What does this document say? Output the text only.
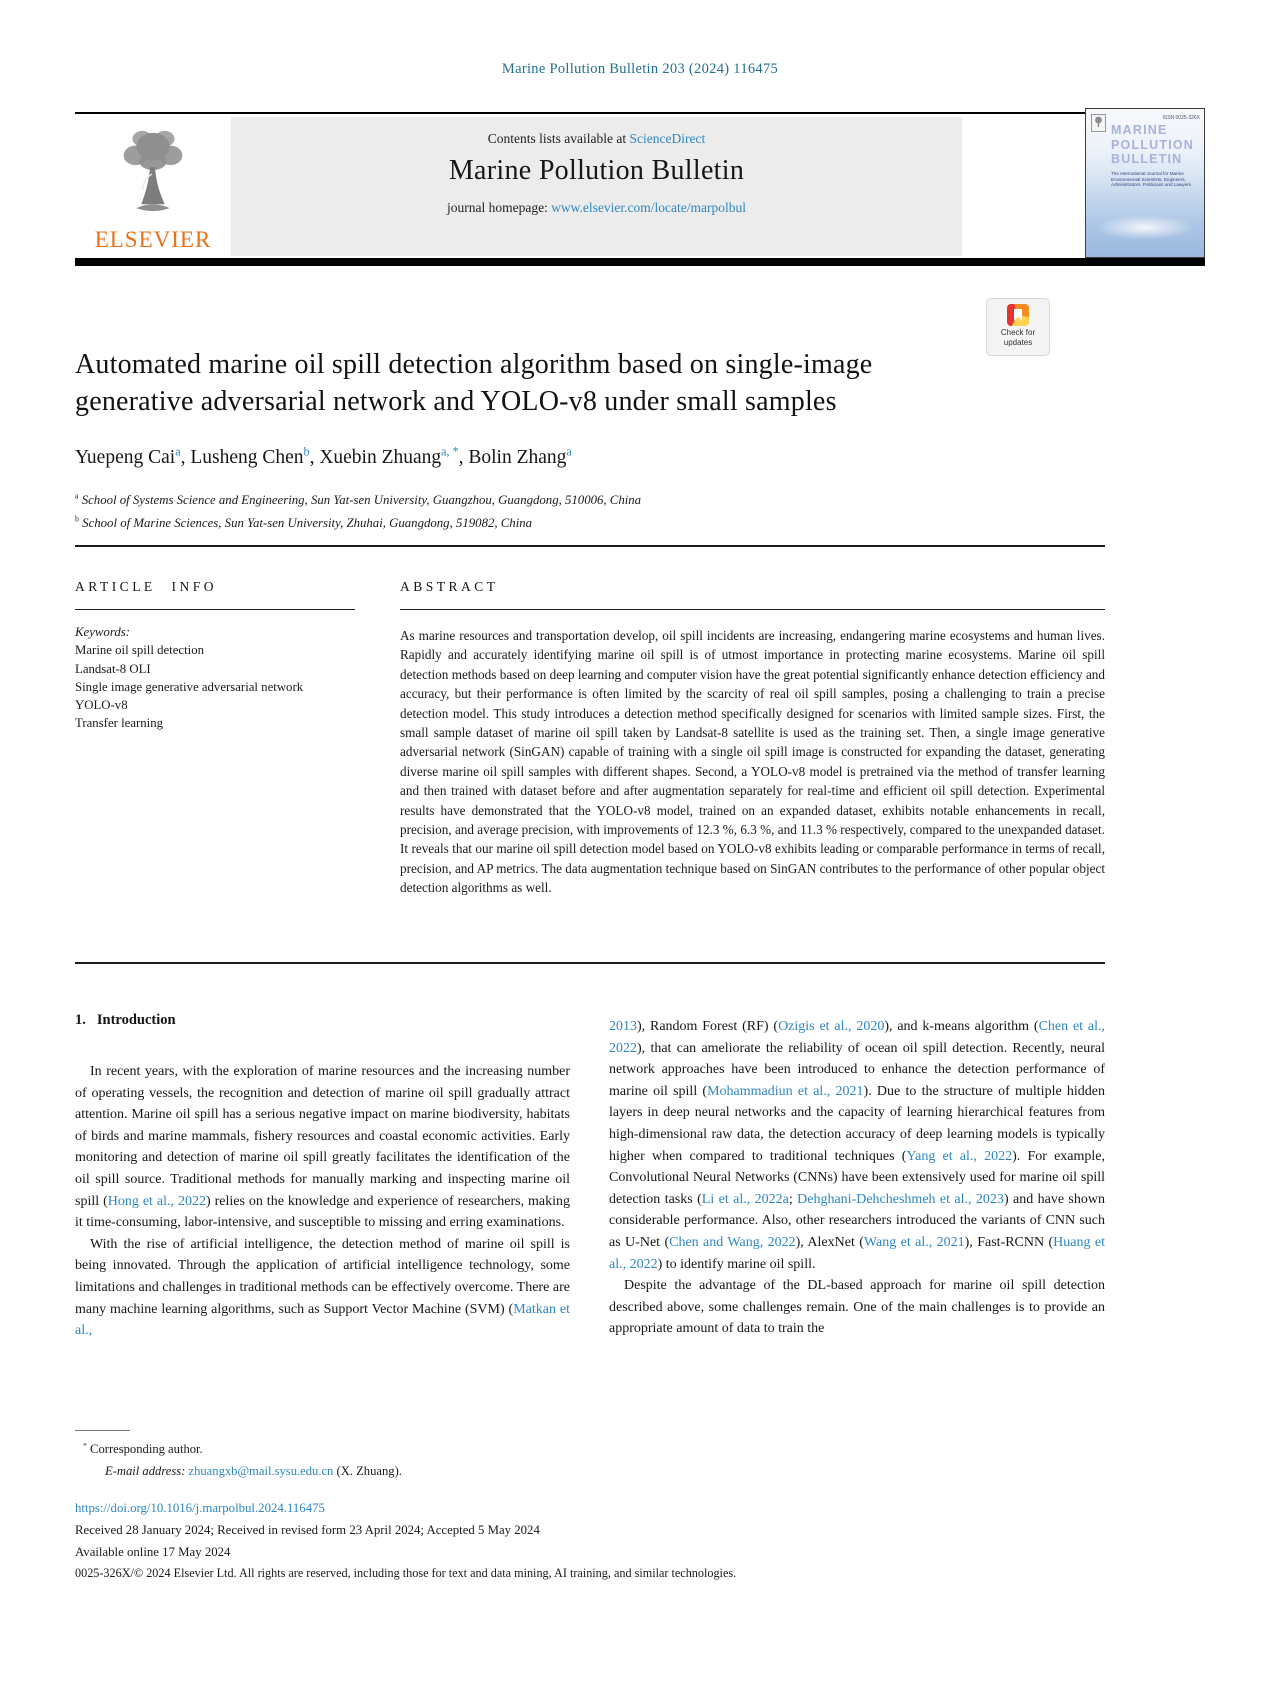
Marine Pollution Bulletin 203 (2024) 116475
ELSEVIER
Contents lists available at ScienceDirect
Marine Pollution Bulletin
journal homepage: www.elsevier.com/locate/marpolbul
ISSN 0025-326X
MARINE
POLLUTION
BULLETIN
The International Journal for Marine Environmental Scientists, Engineers, Administrators, Politicians and Lawyers
Check for
updates
Automated marine oil spill detection algorithm based on single-image generative adversarial network and YOLO-v8 under small samples
Yuepeng Cai$^a$, Lusheng Chen$^b$, Xuebin Zhuang$^{a, *}$, Bolin Zhang$^a$

$^a$ School of Systems Science and Engineering, Sun Yat-sen University, Guangzhou, Guangdong, 510006, China

$^b$ School of Marine Sciences, Sun Yat-sen University, Zhuhai, Guangdong, 519082, China

ARTICLE INFO	ABSTRACT
Keywords:
Marine oil spill detection
Landsat-8 OLI
Single image generative adversarial network
YOLO-v8
Transfer learning
As marine resources and transportation develop, oil spill incidents are increasing, endangering marine ecosystems and human lives. Rapidly and accurately identifying marine oil spill is of utmost importance in protecting marine ecosystems. Marine oil spill detection methods based on deep learning and computer vision have the great potential significantly enhance detection efficiency and accuracy, but their performance is often limited by the scarcity of real oil spill samples, posing a challenging to train a precise detection model. This study introduces a detection method specifically designed for scenarios with limited sample sizes. First, the small sample dataset of marine oil spill taken by Landsat-8 satellite is used as the training set. Then, a single image generative adversarial network (SinGAN) capable of training with a single oil spill image is constructed for expanding the dataset, generating diverse marine oil spill samples with different shapes. Second, a YOLO-v8 model is pretrained via the method of transfer learning and then trained with dataset before and after augmentation separately for real-time and efficient oil spill detection. Experimental results have demonstrated that the YOLO-v8 model, trained on an expanded dataset, exhibits notable enhancements in recall, precision, and average precision, with improvements of 12.3 %, 6.3 %, and 11.3 % respectively, compared to the unexpanded dataset. It reveals that our marine oil spill detection model based on YOLO-v8 exhibits leading or comparable performance in terms of recall, precision, and AP metrics. The data augmentation technique based on SinGAN contributes to the performance of other popular object detection algorithms as well.
1. Introduction

In recent years, with the exploration of marine resources and the increasing number of operating vessels, the recognition and detection of marine oil spill gradually attract attention. Marine oil spill has a serious negative impact on marine biodiversity, habitats of birds and marine mammals, fishery resources and coastal economic activities. Early monitoring and detection of marine oil spill greatly facilitates the identification of the oil spill source. Traditional methods for manually marking and inspecting marine oil spill (Hong et al., 2022) relies on the knowledge and experience of researchers, making it time-consuming, labor-intensive, and susceptible to missing and erring examinations.

With the rise of artificial intelligence, the detection method of marine oil spill is being innovated. Through the application of artificial intelligence technology, some limitations and challenges in traditional methods can be effectively overcome. There are many machine learning algorithms, such as Support Vector Machine (SVM) (Matkan et al.,

2013), Random Forest (RF) (Ozigis et al., 2020), and k-means algorithm (Chen et al., 2022), that can ameliorate the reliability of ocean oil spill detection. Recently, neural network approaches have been introduced to enhance the detection performance of marine oil spill (Mohammadiun et al., 2021). Due to the structure of multiple hidden layers in deep neural networks and the capacity of learning hierarchical features from high-dimensional raw data, the detection accuracy of deep learning models is typically higher when compared to traditional techniques (Yang et al., 2022). For example, Convolutional Neural Networks (CNNs) have been extensively used for marine oil spill detection tasks (Li et al., 2022a; Dehghani-Dehcheshmeh et al., 2023) and have shown considerable performance. Also, other researchers introduced the variants of CNN such as U-Net (Chen and Wang, 2022), AlexNet (Wang et al., 2021), Fast-RCNN (Huang et al., 2022) to identify marine oil spill.

Despite the advantage of the DL-based approach for marine oil spill detection described above, some challenges remain. One of the main challenges is to provide an appropriate amount of data to train the

* Corresponding author.

E-mail address: zhuangxb@mail.sysu.edu.cn (X. Zhuang).

https://doi.org/10.1016/j.marpolbul.2024.116475
Received 28 January 2024; Received in revised form 23 April 2024; Accepted 5 May 2024
Available online 17 May 2024
0025-326X/© 2024 Elsevier Ltd. All rights are reserved, including those for text and data mining, AI training, and similar technologies.
